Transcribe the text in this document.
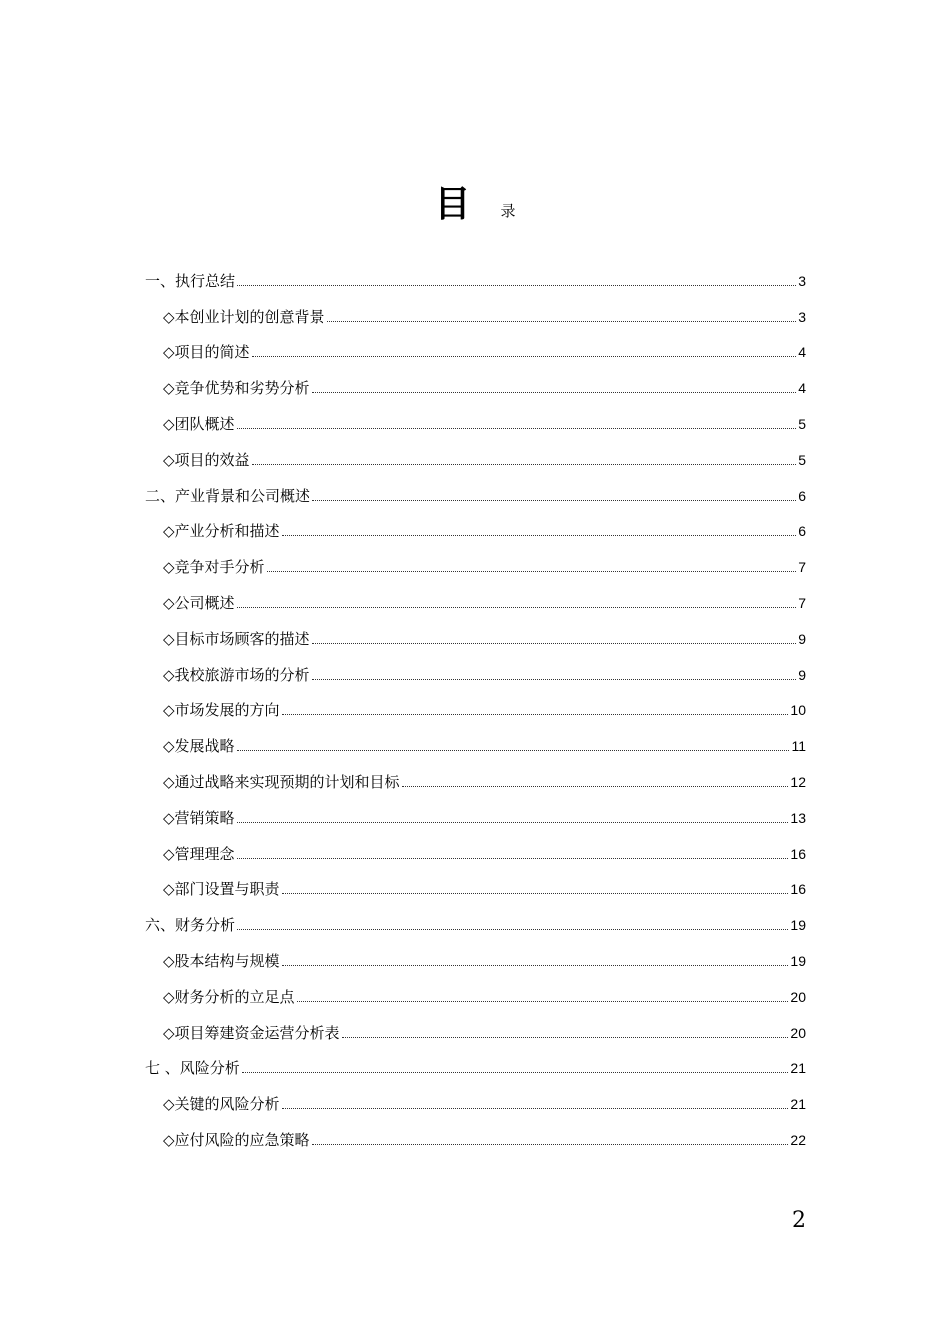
目 录
一、执行总结	3
◇本创业计划的创意背景	3
◇项目的简述	4
◇竞争优势和劣势分析	4
◇团队概述	5
◇项目的效益	5
二、产业背景和公司概述	6
◇产业分析和描述	6
◇竞争对手分析	7
◇公司概述	7
◇目标市场顾客的描述	9
◇我校旅游市场的分析	9
◇市场发展的方向	10
◇发展战略	11
◇通过战略来实现预期的计划和目标	12
◇营销策略	13
◇管理理念	16
◇部门设置与职责	16
六、财务分析	19
◇股本结构与规模	19
◇财务分析的立足点	20
◇项目筹建资金运营分析表	20
七 、风险分析	21
◇关键的风险分析	21
◇应付风险的应急策略	22
2
